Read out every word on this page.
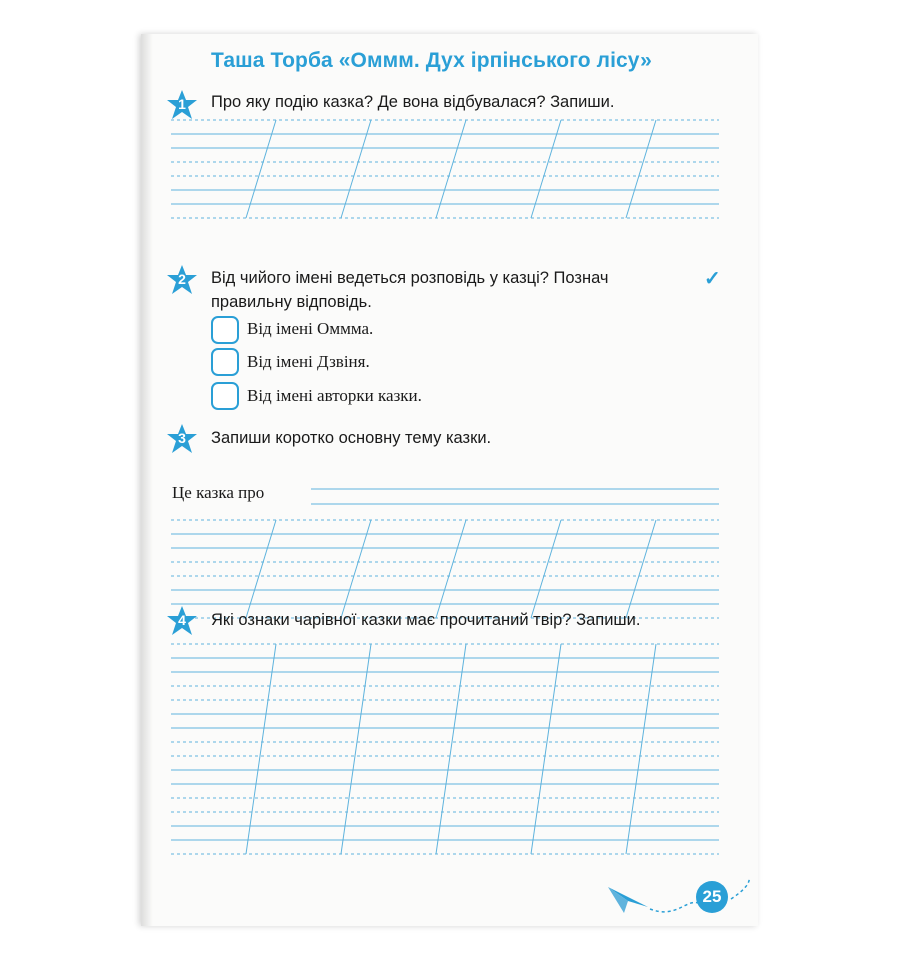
Таша Торба «Оммм. Дух ірпінського лісу»
1	Про яку подію казка? Де вона відбувалася? Запиши.
2	Від чийого імені ведеться розповідь у казці? Познач
правильну відповідь.
✓
Від імені Оммма.
Від імені Дзвіня.
Від імені авторки казки.
3	Запиши коротко основну тему казки.
Це казка про
4	Які ознаки чарівної казки має прочитаний твір? Запиши.
25
